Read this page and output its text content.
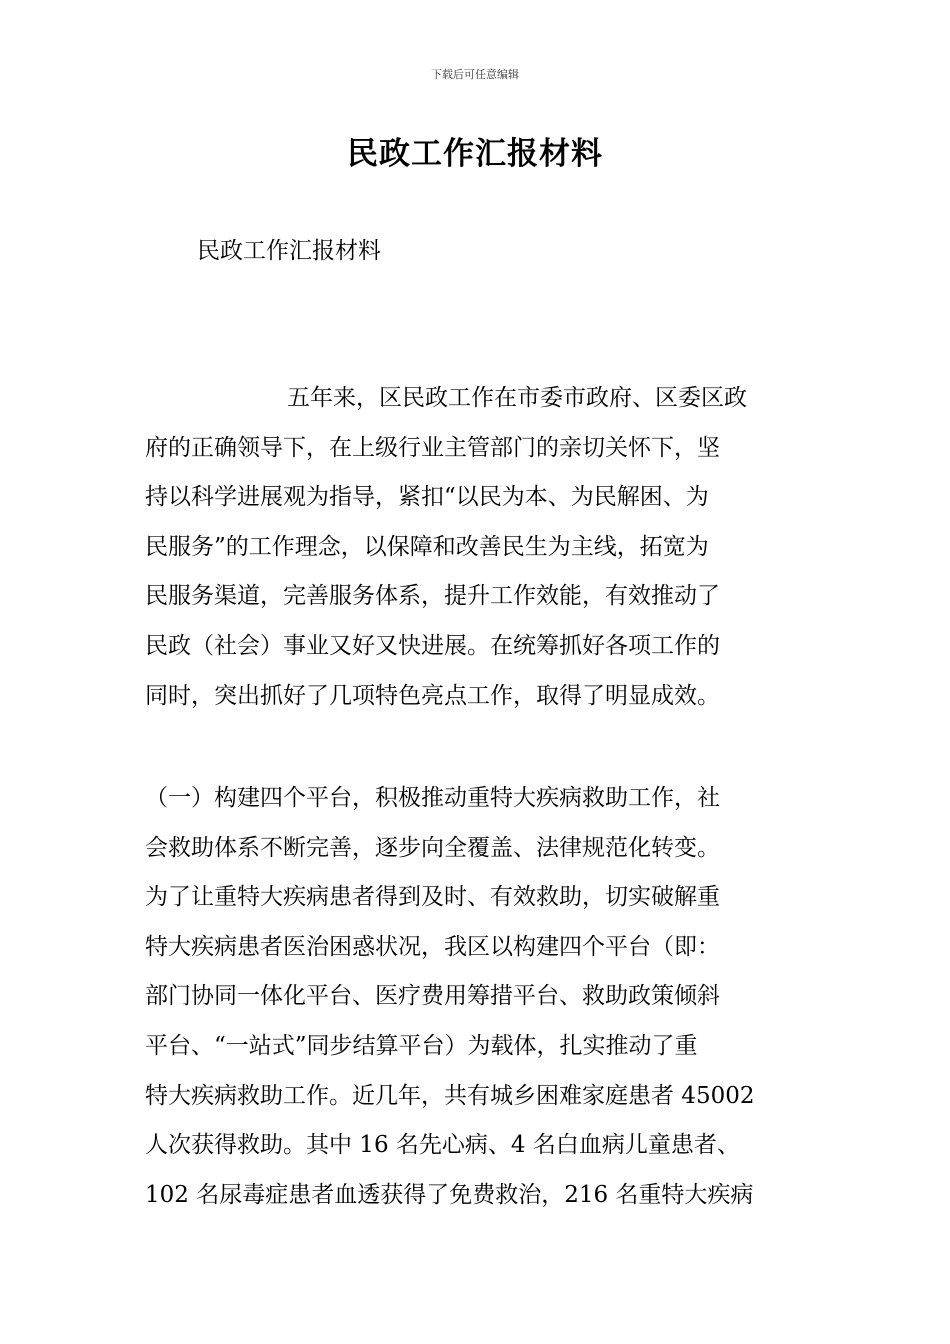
下载后可任意编辑
民政工作汇报材料
民政工作汇报材料
五年来，区民政工作在市委市政府、区委区政
府的正确领导下，在上级行业主管部门的亲切关怀下，坚
持以科学进展观为指导，紧扣“以民为本、为民解困、为
民服务”的工作理念，以保障和改善民生为主线，拓宽为
民服务渠道，完善服务体系，提升工作效能，有效推动了
民政（社会）事业又好又快进展。在统筹抓好各项工作的
同时，突出抓好了几项特色亮点工作，取得了明显成效。
（一）构建四个平台，积极推动重特大疾病救助工作，社
会救助体系不断完善，逐步向全覆盖、法律规范化转变。
为了让重特大疾病患者得到及时、有效救助，切实破解重
特大疾病患者医治困惑状况，我区以构建四个平台（即：
部门协同一体化平台、医疗费用筹措平台、救助政策倾斜
平台、“一站式”同步结算平台）为载体，扎实推动了重
特大疾病救助工作。近几年，共有城乡困难家庭患者 45002
人次获得救助。其中 16 名先心病、4 名白血病儿童患者、
102 名尿毒症患者血透获得了免费救治，216 名重特大疾病
